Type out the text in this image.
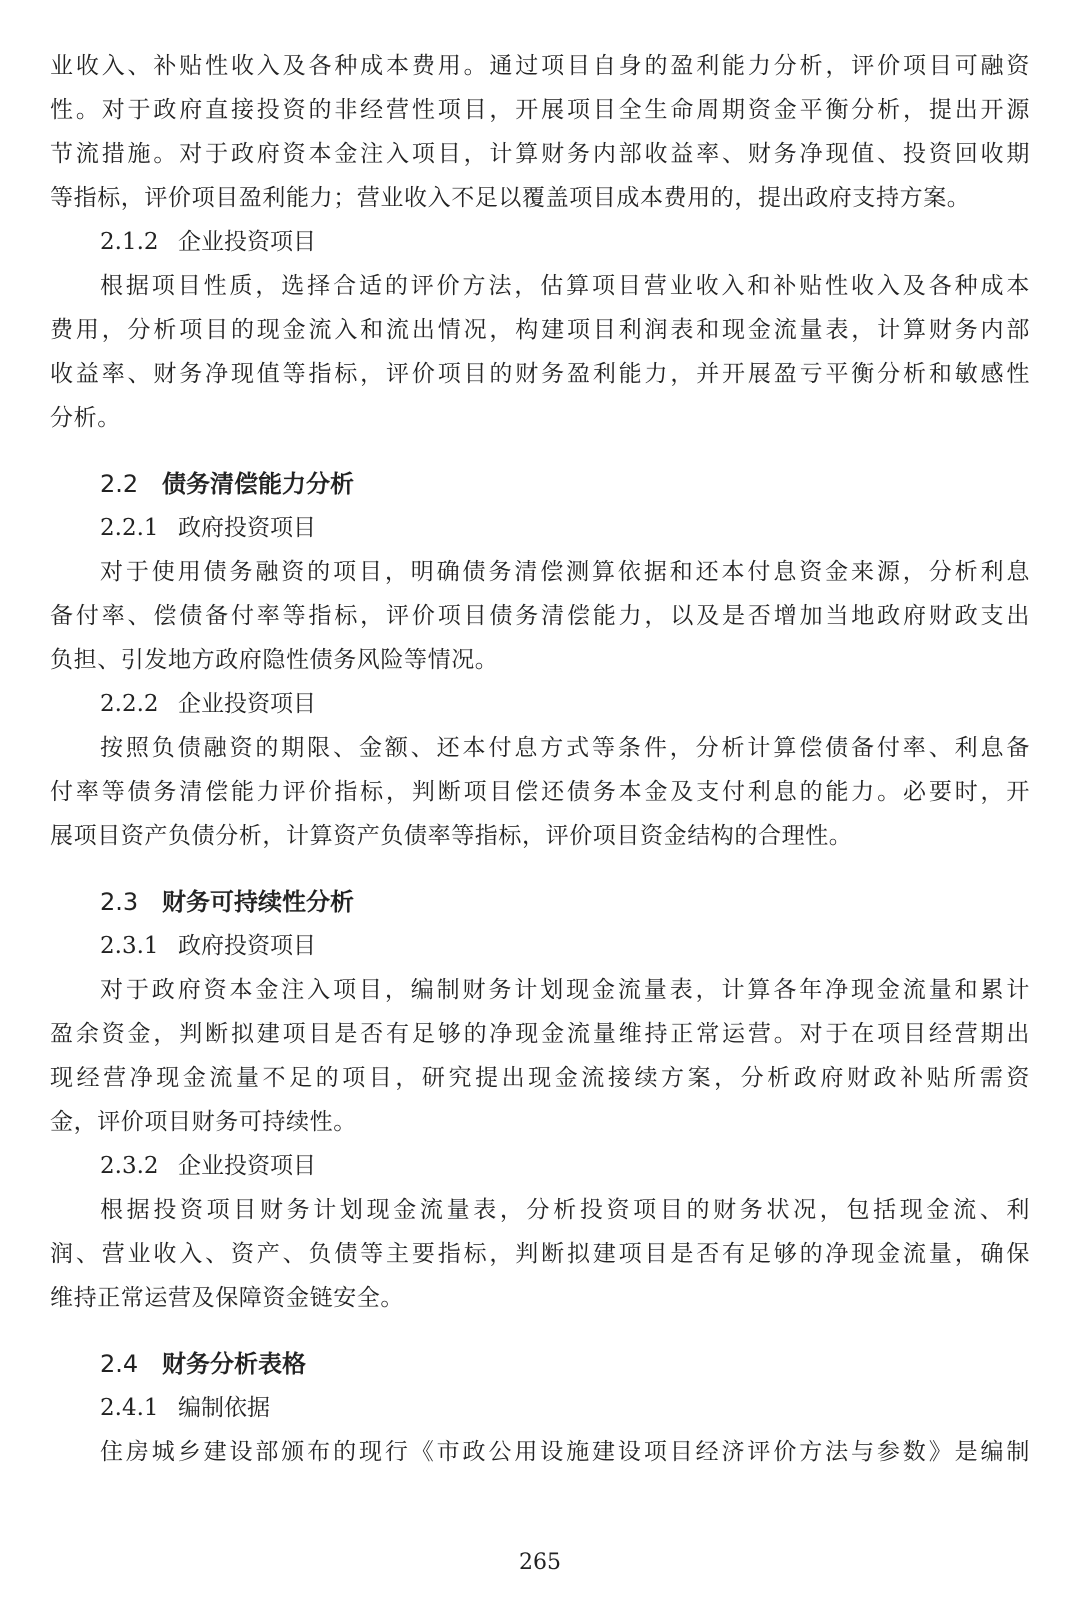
业收入、补贴性收入及各种成本费用。通过项目自身的盈利能力分析，评价项目可融资
性。对于政府直接投资的非经营性项目，开展项目全生命周期资金平衡分析，提出开源
节流措施。对于政府资本金注入项目，计算财务内部收益率、财务净现值、投资回收期
等指标，评价项目盈利能力；营业收入不足以覆盖项目成本费用的，提出政府支持方案。
2.1.2 企业投资项目
根据项目性质，选择合适的评价方法，估算项目营业收入和补贴性收入及各种成本
费用，分析项目的现金流入和流出情况，构建项目利润表和现金流量表，计算财务内部
收益率、财务净现值等指标，评价项目的财务盈利能力，并开展盈亏平衡分析和敏感性
分析。
2.2 债务清偿能力分析
2.2.1 政府投资项目
对于使用债务融资的项目，明确债务清偿测算依据和还本付息资金来源，分析利息
备付率、偿债备付率等指标，评价项目债务清偿能力，以及是否增加当地政府财政支出
负担、引发地方政府隐性债务风险等情况。
2.2.2 企业投资项目
按照负债融资的期限、金额、还本付息方式等条件，分析计算偿债备付率、利息备
付率等债务清偿能力评价指标，判断项目偿还债务本金及支付利息的能力。必要时，开
展项目资产负债分析，计算资产负债率等指标，评价项目资金结构的合理性。
2.3 财务可持续性分析
2.3.1 政府投资项目
对于政府资本金注入项目，编制财务计划现金流量表，计算各年净现金流量和累计
盈余资金，判断拟建项目是否有足够的净现金流量维持正常运营。对于在项目经营期出
现经营净现金流量不足的项目，研究提出现金流接续方案，分析政府财政补贴所需资
金，评价项目财务可持续性。
2.3.2 企业投资项目
根据投资项目财务计划现金流量表，分析投资项目的财务状况，包括现金流、利
润、营业收入、资产、负债等主要指标，判断拟建项目是否有足够的净现金流量，确保
维持正常运营及保障资金链安全。
2.4 财务分析表格
2.4.1 编制依据
住房城乡建设部颁布的现行《市政公用设施建设项目经济评价方法与参数》是编制
265
